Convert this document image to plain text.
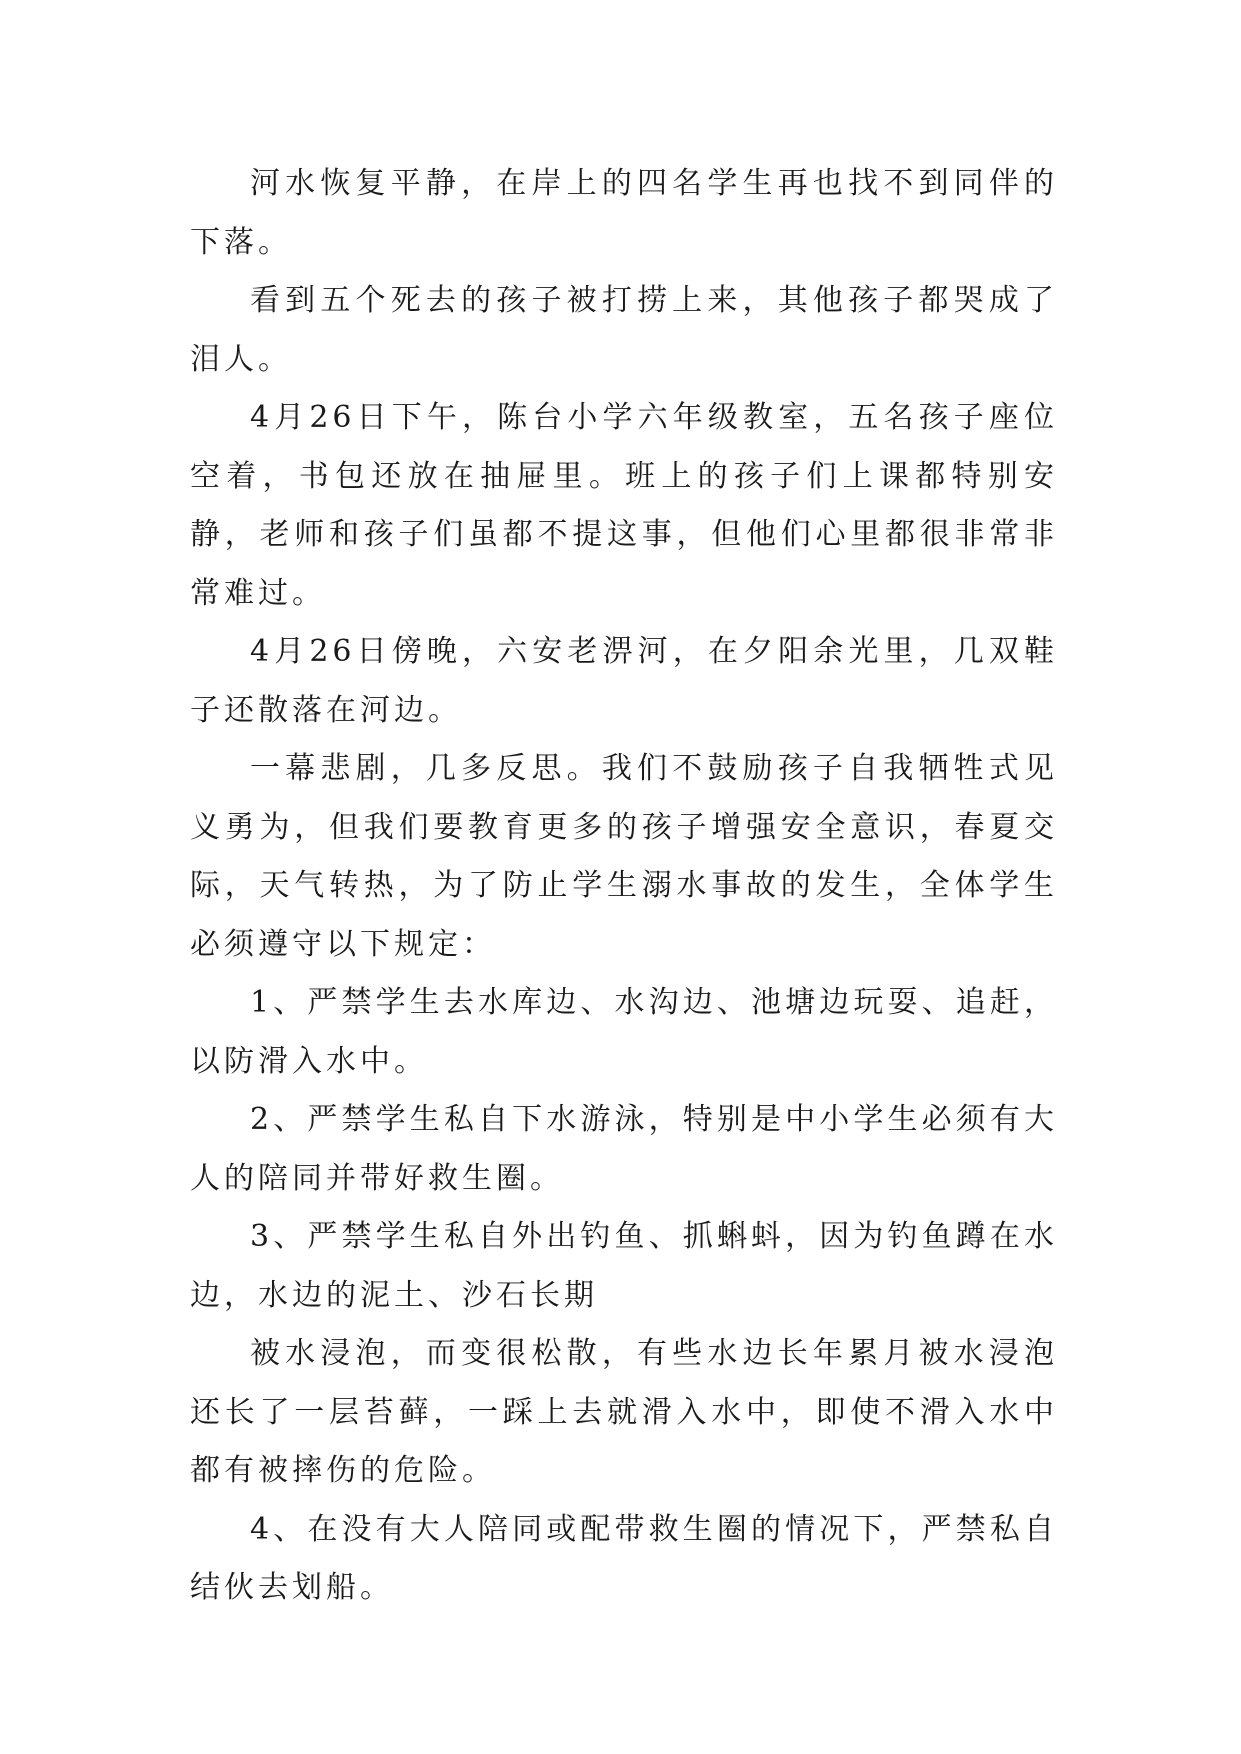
河水恢复平静，在岸上的四名学生再也找不到同伴的下落。

看到五个死去的孩子被打捞上来，其他孩子都哭成了泪人。

4月26日下午，陈台小学六年级教室，五名孩子座位空着，书包还放在抽屉里。班上的孩子们上课都特别安静，老师和孩子们虽都不提这事，但他们心里都很非常非常难过。

4月26日傍晚，六安老淠河，在夕阳余光里，几双鞋子还散落在河边。

一幕悲剧，几多反思。我们不鼓励孩子自我牺牲式见义勇为，但我们要教育更多的孩子增强安全意识，春夏交际，天气转热，为了防止学生溺水事故的发生，全体学生必须遵守以下规定：

1、严禁学生去水库边、水沟边、池塘边玩耍、追赶，以防滑入水中。

2、严禁学生私自下水游泳，特别是中小学生必须有大人的陪同并带好救生圈。

3、严禁学生私自外出钓鱼、抓蝌蚪，因为钓鱼蹲在水边，水边的泥土、沙石长期

被水浸泡，而变很松散，有些水边长年累月被水浸泡还长了一层苔藓，一踩上去就滑入水中，即使不滑入水中都有被摔伤的危险。

4、在没有大人陪同或配带救生圈的情况下，严禁私自结伙去划船。
